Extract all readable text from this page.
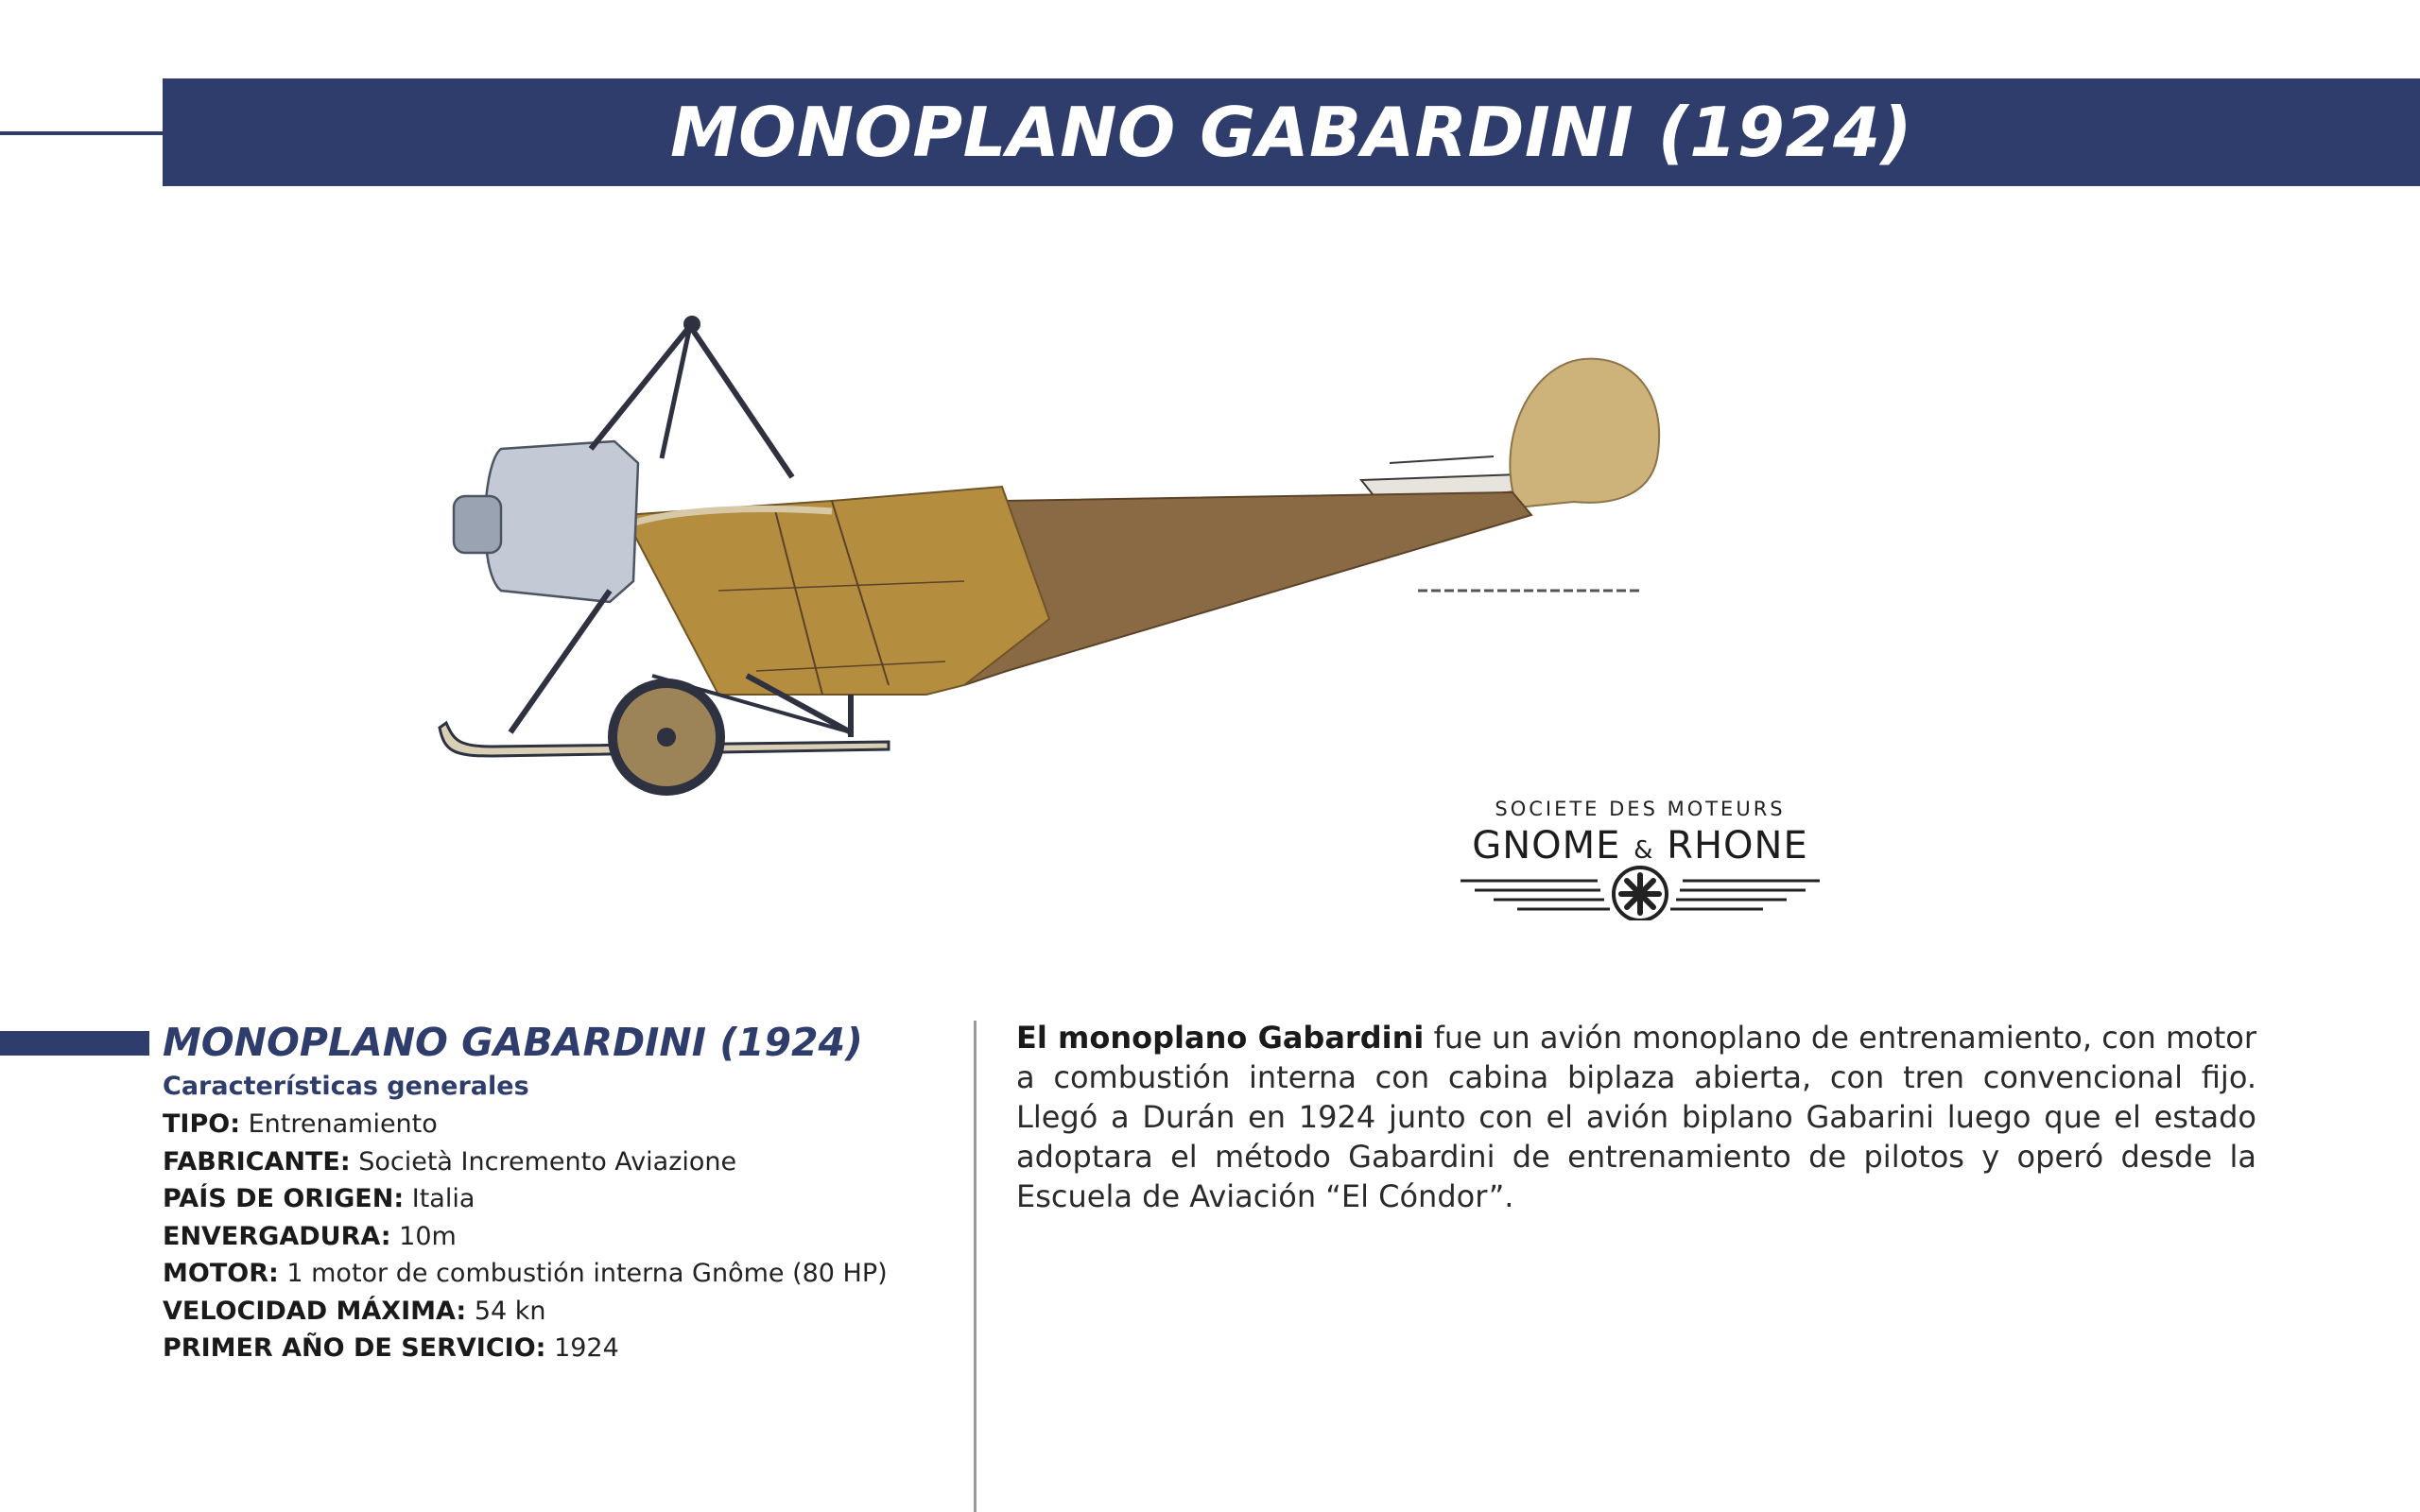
MONOPLANO GABARDINI (1924)
SOCIETE DES MOTEURS
GNOME & RHONE
MONOPLANO GABARDINI (1924)
Características generales
TIPO: Entrenamiento
FABRICANTE: Società Incremento Aviazione
PAÍS DE ORIGEN: Italia
ENVERGADURA: 10m
MOTOR: 1 motor de combustión interna Gnôme (80 HP)
VELOCIDAD MÁXIMA: 54 kn
PRIMER AÑO DE SERVICIO: 1924
El monoplano Gabardini fue un avión monoplano de entrenamiento, con motor a combustión interna con cabina biplaza abierta, con tren convencional fijo. Llegó a Durán en 1924 junto con el avión biplano Gabarini luego que el estado adoptara el método Gabardini de entrenamiento de pilotos y operó desde la Escuela de Aviación “El Cóndor”.
